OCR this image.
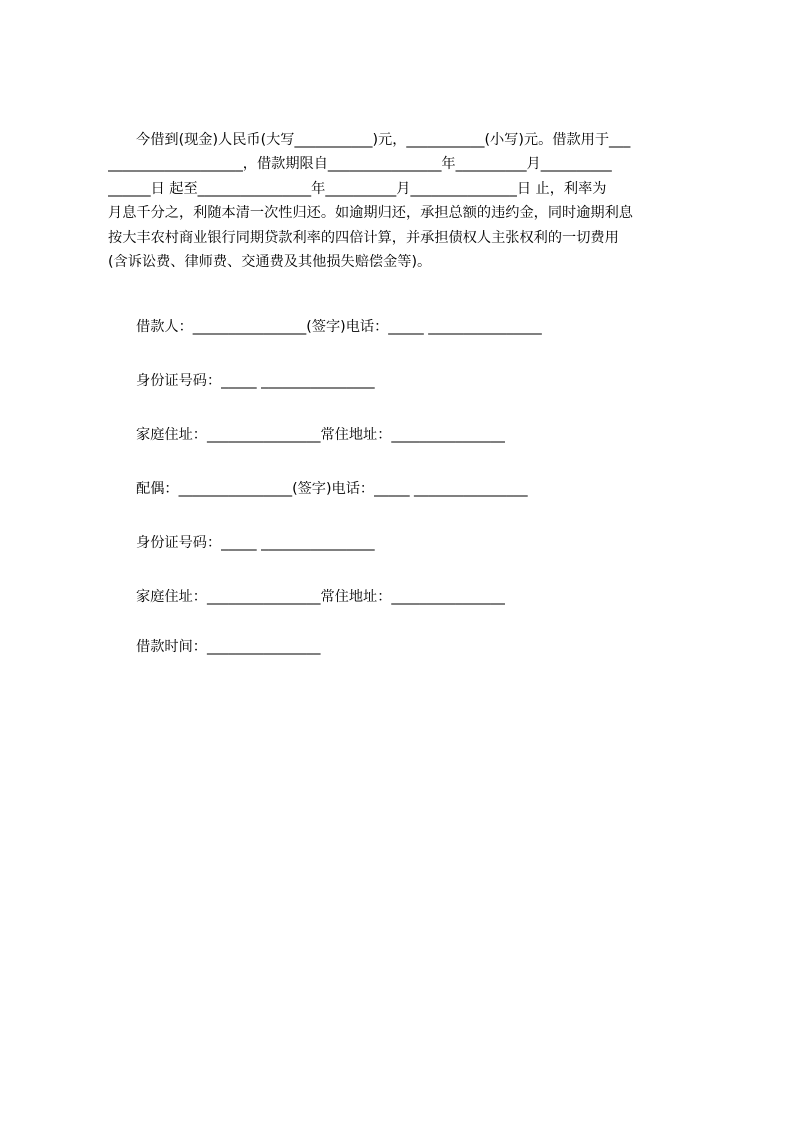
今借到(现金)人民币(大写___________)元，___________(小写)元。借款用于___
___________________，借款期限自________________年__________月__________
______日 起至________________年__________月_______________日 止，利率为
月息千分之，利随本清一次性归还。如逾期归还，承担总额的违约金，同时逾期利息
按大丰农村商业银行同期贷款利率的四倍计算，并承担债权人主张权利的一切费用
(含诉讼费、律师费、交通费及其他损失赔偿金等)。
借款人：________________(签字)电话：_____ ________________
身份证号码：_____ ________________
家庭住址：________________常住地址：________________
配偶：________________(签字)电话：_____ ________________
身份证号码：_____ ________________
家庭住址：________________常住地址：________________
借款时间：________________
